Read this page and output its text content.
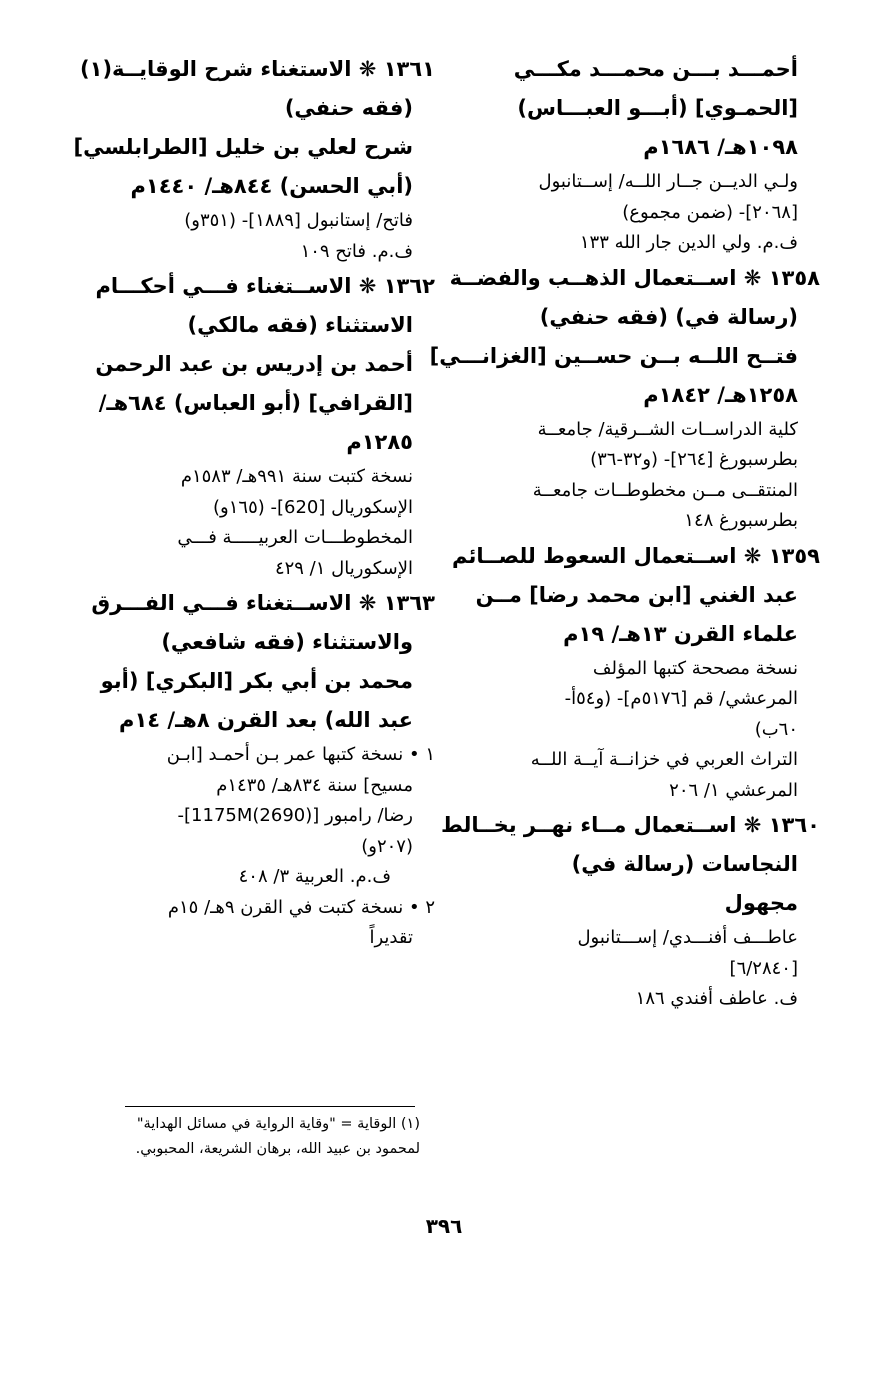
أحمـــد بـــن محمـــد مكـــي
[الحمـوي] (أبـــو العبـــاس)
١٠٩٨هـ/ ١٦٨٦م
ولـي الديــن جــار اللــه/ إســتانبول
[٢٠٦٨]- (ضمن مجموع)
ف.م. ولي الدين جار الله ١٣٣
١٣٥٨ ❋ اســتعمال الذهــب والفضــة
(رسالة في) (فقه حنفي)
فتــح اللــه بــن حســين [الغزانـــي]
١٢٥٨هـ/ ١٨٤٢م
كلية الدراســات الشــرقية/ جامعــة
بطرسبورغ [٢٦٤]- (و٣٢-٣٦)
المنتقــى مــن مخطوطــات جامعــة
بطرسبورغ ١٤٨
١٣٥٩ ❋ اســتعمال السعوط للصــائم
عبد الغني [ابن محمد رضا] مــن
علماء القرن ١٣هـ/ ١٩م
نسخة مصححة كتبها المؤلف
المرعشي/ قم [٥١٧٦م]- (و٥٤أ-
٦٠ب)
التراث العربي في خزانــة آيــة اللــه
المرعشي ١/ ٢٠٦
١٣٦٠ ❋ اســتعمال مــاء نهــر يخــالط
النجاسات (رسالة في)
مجهول
عاطـــف أفنـــدي/ إســـتانبول
[٦/٢٨٤٠]
ف. عاطف أفندي ١٨٦
١٣٦١ ❋ الاستغناء شرح الوقايــة(١)
(فقه حنفي)
شرح لعلي بن خليل [الطرابلسي]
(أبي الحسن) ٨٤٤هـ/ ١٤٤٠م
فاتح/ إستانبول [١٨٨٩]- (٣٥١و)
ف.م. فاتح ١٠٩
١٣٦٢ ❋ الاســتغناء فـــي أحكـــام
الاستثناء (فقه مالكي)
أحمد بن إدريس بن عبد الرحمن
[القرافي] (أبو العباس) ٦٨٤هـ/
١٢٨٥م
نسخة كتبت سنة ٩٩١هـ/ ١٥٨٣م
الإسكوريال [620]- (١٦٥و)
المخطوطـــات العربيـــــة فـــي
الإسكوريال ١/ ٤٢٩
١٣٦٣ ❋ الاســتغناء فـــي الفـــرق
والاستثناء (فقه شافعي)
محمد بن أبي بكر [البكري] (أبو
عبد الله) بعد القرن ٨هـ/ ١٤م
١ • نسخة كتبها عمر بـن أحمـد [ابـن
مسيح] سنة ٨٣٤هـ/ ١٤٣٥م
رضا/ رامبور [1175M(2690)]-
(٢٠٧و)
ف.م. العربية ٣/ ٤٠٨
٢ • نسخة كتبت في القرن ٩هـ/ ١٥م
تقديراً
(١) الوقاية = "وقاية الرواية في مسائل الهداية"
لمحمود بن عبيد الله، برهان الشريعة، المحبوبي.
٣٩٦
